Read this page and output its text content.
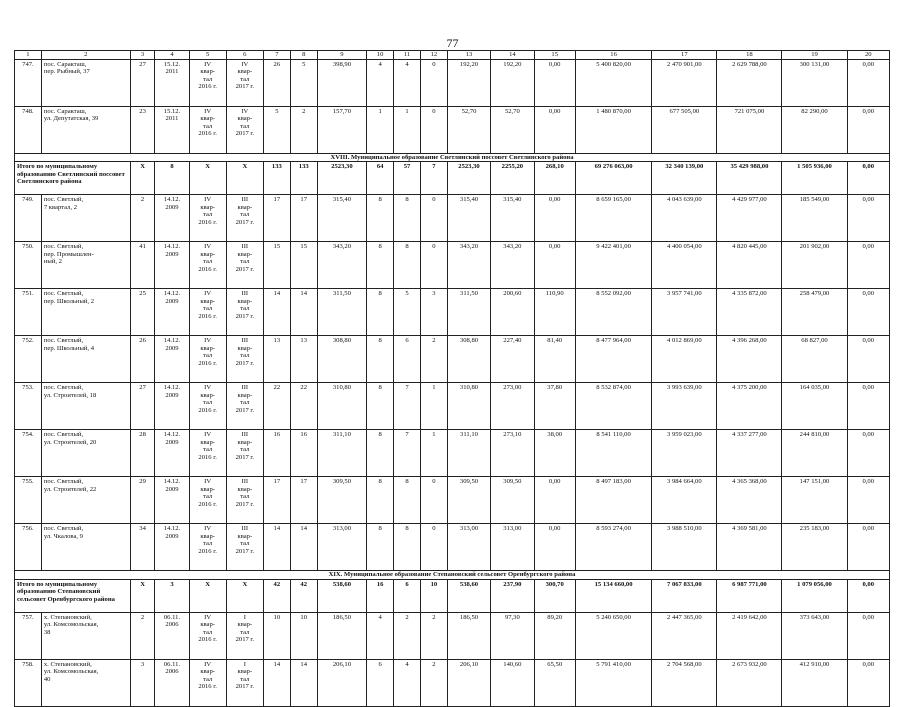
77
1	2	3	4	5	6	7	8	9	10	11	12	13	14	15	16	17	18	19	20
747.	пос. Саракташ,
пер. Рыбный, 37	27	15.12.
2011	IV
квар-
тал
2016 г.	IV
квар-
тал
2017 г.	26	5	398,90	4	4	0	192,20	192,20	0,00	5 400 820,00	2 470 901,00	2 629 788,00	300 131,00	0,00
748.	пос. Саракташ,
ул. Депутатская, 39	23	15.12.
2011	IV
квар-
тал
2016 г.	IV
квар-
тал
2017 г.	5	2	157,70	1	1	0	52,70	52,70	0,00	1 480 870,00	677 505,00	721 075,00	82 290,00	0,00
XVIII. Муниципальное образование Светлинский поссовет Светлинского района																			
Итого по муниципальному образованию Светлинский поссовет Светлинского района		X	8	X	X	133	133	2523,30	64	57	7	2523,30	2255,20	268,10	69 276 063,00	32 340 139,00	35 429 988,00	1 505 936,00	0,00
749.	пос. Светлый,
7 квартал, 2	2	14.12.
2009	IV
квар-
тал
2016 г.	III
квар-
тал
2017 г.	17	17	315,40	8	8	0	315,40	315,40	0,00	8 659 165,00	4 043 639,00	4 429 977,00	185 549,00	0,00
750.	пос. Светлый,
пер. Промышлен-
ный, 2	41	14.12.
2009	IV
квар-
тал
2016 г.	III
квар-
тал
2017 г.	15	15	343,20	8	8	0	343,20	343,20	0,00	9 422 401,00	4 400 054,00	4 820 445,00	201 902,00	0,00
751.	пос. Светлый,
пер. Школьный, 2	25	14.12.
2009	IV
квар-
тал
2016 г.	III
квар-
тал
2017 г.	14	14	311,50	8	5	3	311,50	200,60	110,90	8 552 092,00	3 957 741,00	4 335 872,00	258 479,00	0,00
752.	пос. Светлый,
пер. Школьный, 4	26	14.12.
2009	IV
квар-
тал
2016 г.	III
квар-
тал
2017 г.	13	13	308,80	8	6	2	308,80	227,40	81,40	8 477 964,00	4 012 869,00	4 396 268,00	68 827,00	0,00
753.	пос. Светлый,
ул. Строителей, 18	27	14.12.
2009	IV
квар-
тал
2016 г.	III
квар-
тал
2017 г.	22	22	310,80	8	7	1	310,80	273,00	37,80	8 532 874,00	3 993 639,00	4 375 200,00	164 035,00	0,00
754.	пос. Светлый,
ул. Строителей, 20	28	14.12.
2009	IV
квар-
тал
2016 г.	III
квар-
тал
2017 г.	16	16	311,10	8	7	1	311,10	273,10	38,00	8 541 110,00	3 959 023,00	4 337 277,00	244 810,00	0,00
755.	пос. Светлый,
ул. Строителей, 22	29	14.12.
2009	IV
квар-
тал
2016 г.	III
квар-
тал
2017 г.	17	17	309,50	8	8	0	309,50	309,50	0,00	8 497 183,00	3 984 664,00	4 365 368,00	147 151,00	0,00
756.	пос. Светлый,
ул. Чкалова, 9	34	14.12.
2009	IV
квар-
тал
2016 г.	III
квар-
тал
2017 г.	14	14	313,00	8	8	0	313,00	313,00	0,00	8 593 274,00	3 988 510,00	4 369 581,00	235 183,00	0,00
XIX. Муниципальное образование Степановский сельсовет Оренбургского района																			
Итого по муниципальному образованию Степановский сельсовет Оренбургского района		X	3	X	X	42	42	538,60	16	6	10	538,60	237,90	300,70	15 134 660,00	7 067 833,00	6 987 771,00	1 079 056,00	0,00
757.	х. Степановский,
ул. Комсомольская,
38	2	06.11.
2006	IV
квар-
тал
2016 г.	I
квар-
тал
2017 г.	10	10	186,50	4	2	2	186,50	97,30	89,20	5 240 650,00	2 447 365,00	2 419 642,00	373 643,00	0,00
758.	х. Степановский,
ул. Комсомольская,
40	3	06.11.
2006	IV
квар-
тал
2016 г.	I
квар-
тал
2017 г.	14	14	206,10	6	4	2	206,10	140,60	65,50	5 791 410,00	2 704 568,00	2 673 932,00	412 910,00	0,00
